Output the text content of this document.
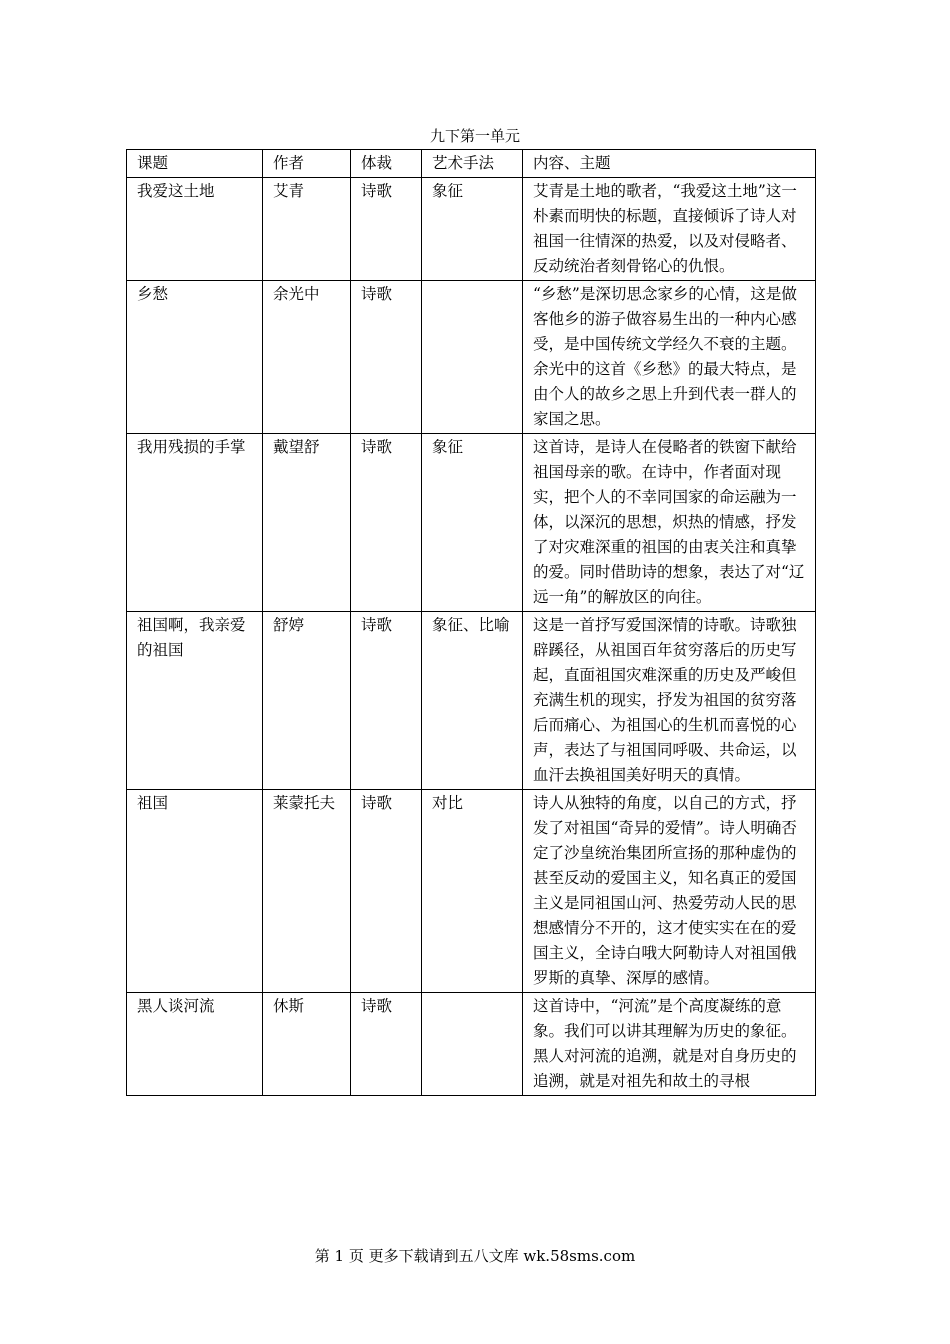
九下第一单元
课题	作者	体裁	艺术手法	内容、主题
我爱这土地	艾青	诗歌	象征	艾青是土地的歌者，“我爱这土地”这一朴素而明快的标题，直接倾诉了诗人对祖国一往情深的热爱，以及对侵略者、反动统治者刻骨铭心的仇恨。
乡愁	余光中	诗歌		“乡愁”是深切思念家乡的心情，这是做客他乡的游子做容易生出的一种内心感受，是中国传统文学经久不衰的主题。余光中的这首《乡愁》的最大特点，是由个人的故乡之思上升到代表一群人的家国之思。
我用残损的手掌	戴望舒	诗歌	象征	这首诗，是诗人在侵略者的铁窗下献给祖国母亲的歌。在诗中，作者面对现实，把个人的不幸同国家的命运融为一体，以深沉的思想，炽热的情感，抒发了对灾难深重的祖国的由衷关注和真挚的爱。同时借助诗的想象，表达了对“辽远一角”的解放区的向往。
祖国啊，我亲爱的祖国	舒婷	诗歌	象征、比喻	这是一首抒写爱国深情的诗歌。诗歌独辟蹊径，从祖国百年贫穷落后的历史写起，直面祖国灾难深重的历史及严峻但充满生机的现实，抒发为祖国的贫穷落后而痛心、为祖国心的生机而喜悦的心声，表达了与祖国同呼吸、共命运，以血汗去换祖国美好明天的真情。
祖国	莱蒙托夫	诗歌	对比	诗人从独特的角度，以自己的方式，抒发了对祖国“奇异的爱情”。诗人明确否定了沙皇统治集团所宣扬的那种虚伪的甚至反动的爱国主义，知名真正的爱国主义是同祖国山河、热爱劳动人民的思想感情分不开的，这才使实实在在的爱国主义，全诗白哦大阿勒诗人对祖国俄罗斯的真挚、深厚的感情。
黑人谈河流	休斯	诗歌		这首诗中，“河流”是个高度凝练的意象。我们可以讲其理解为历史的象征。黑人对河流的追溯，就是对自身历史的追溯，就是对祖先和故土的寻根
第 1 页 更多下载请到五八文库 wk.58sms.com
